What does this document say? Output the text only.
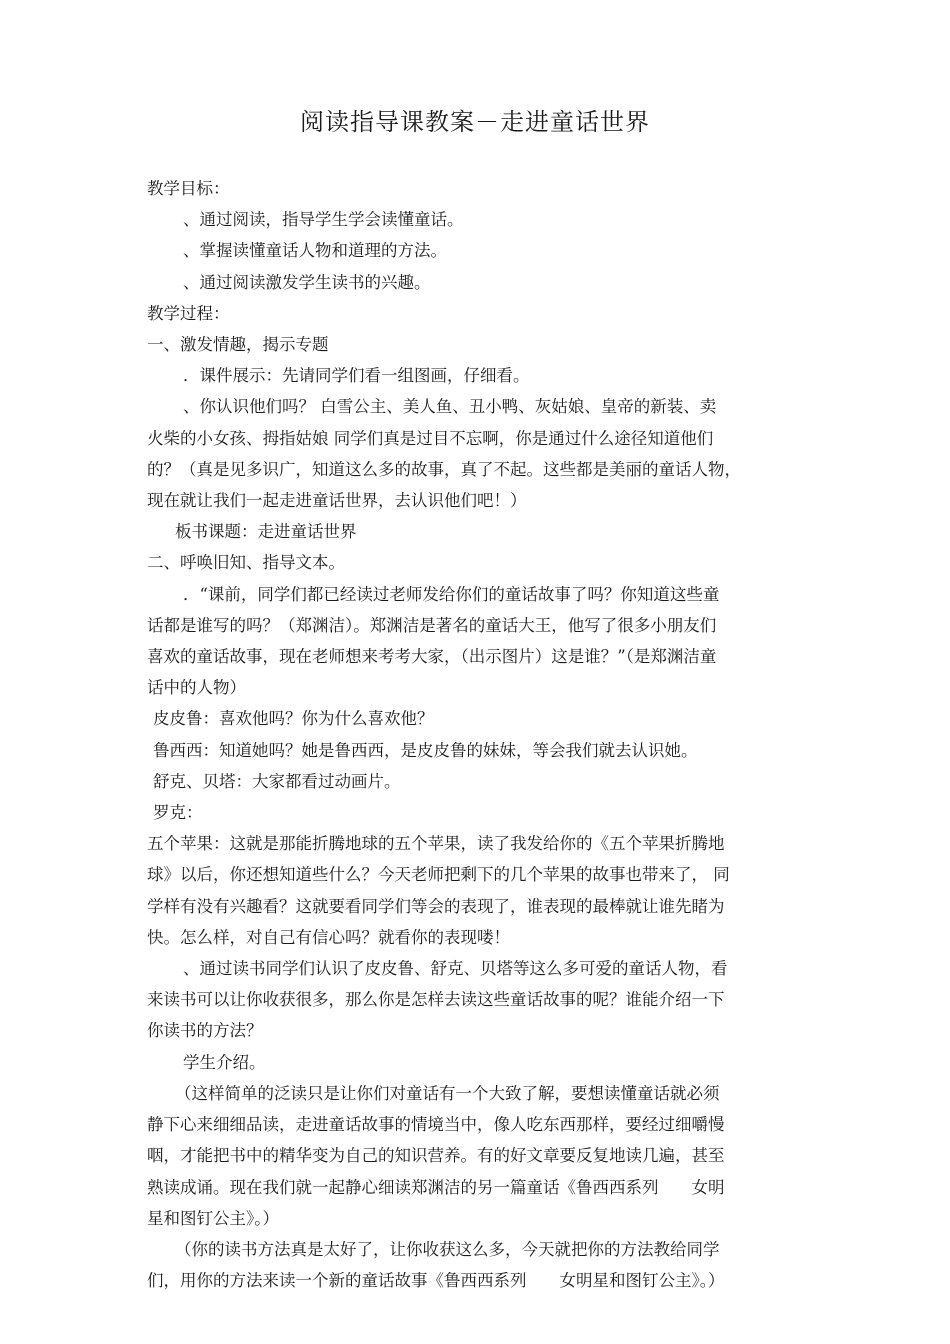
阅读指导课教案－走进童话世界

教学目标：

、通过阅读，指导学生学会读懂童话。

、掌握读懂童话人物和道理的方法。

、通过阅读激发学生读书的兴趣。

教学过程：

一、激发情趣，揭示专题

．课件展示：先请同学们看一组图画，仔细看。

、你认识他们吗？ 白雪公主、美人鱼、丑小鸭、灰姑娘、皇帝的新装、卖

火柴的小女孩、拇指姑娘 同学们真是过目不忘啊，你是通过什么途径知道他们

的？（真是见多识广，知道这么多的故事，真了不起。这些都是美丽的童话人物，

现在就让我们一起走进童话世界，去认识他们吧！）

板书课题：走进童话世界

二、呼唤旧知、指导文本。

．“课前，同学们都已经读过老师发给你们的童话故事了吗？你知道这些童

话都是谁写的吗？（郑渊洁）。郑渊洁是著名的童话大王，他写了很多小朋友们

喜欢的童话故事，现在老师想来考考大家，（出示图片）这是谁？”（是郑渊洁童

话中的人物）

皮皮鲁：喜欢他吗？你为什么喜欢他？

鲁西西：知道她吗？她是鲁西西，是皮皮鲁的妹妹，等会我们就去认识她。

舒克、贝塔：大家都看过动画片。

罗克：

五个苹果：这就是那能折腾地球的五个苹果，读了我发给你的《五个苹果折腾地

球》以后，你还想知道些什么？今天老师把剩下的几个苹果的故事也带来了， 同

学样有没有兴趣看？这就要看同学们等会的表现了，谁表现的最棒就让谁先睹为

快。怎么样，对自己有信心吗？就看你的表现喽！

、通过读书同学们认识了皮皮鲁、舒克、贝塔等这么多可爱的童话人物，看

来读书可以让你收获很多，那么你是怎样去读这些童话故事的呢？谁能介绍一下

你读书的方法？

学生介绍。

（这样简单的泛读只是让你们对童话有一个大致了解，要想读懂童话就必须

静下心来细细品读，走进童话故事的情境当中，像人吃东西那样，要经过细嚼慢

咽，才能把书中的精华变为自己的知识营养。有的好文章要反复地读几遍，甚至

熟读成诵。现在我们就一起静心细读郑渊洁的另一篇童话《鲁西西系列　　女明

星和图钉公主》。）

（你的读书方法真是太好了，让你收获这么多，今天就把你的方法教给同学

们，用你的方法来读一个新的童话故事《鲁西西系列　　女明星和图钉公主》。）
